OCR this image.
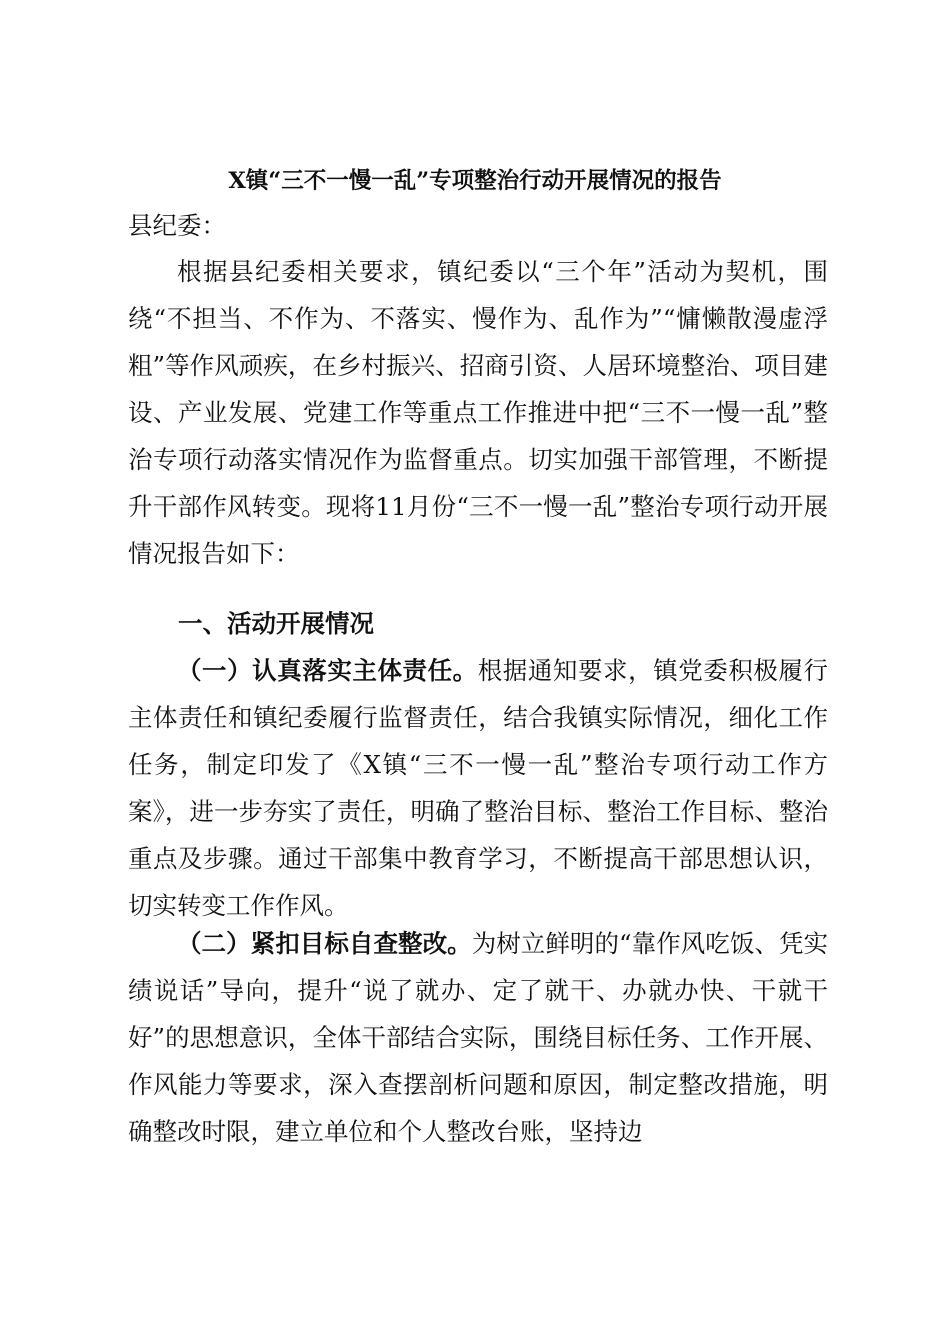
X镇“三不一慢一乱”专项整治行动开展情况的报告
县纪委：

根据县纪委相关要求，镇纪委以“三个年”活动为契机，围绕“不担当、不作为、不落实、慢作为、乱作为”“慵懒散漫虚浮粗”等作风顽疾，在乡村振兴、招商引资、人居环境整治、项目建设、产业发展、党建工作等重点工作推进中把“三不一慢一乱”整治专项行动落实情况作为监督重点。切实加强干部管理，不断提升干部作风转变。现将11月份“三不一慢一乱”整治专项行动开展情况报告如下：

一、活动开展情况

（一）认真落实主体责任。根据通知要求，镇党委积极履行主体责任和镇纪委履行监督责任，结合我镇实际情况，细化工作任务，制定印发了《X镇“三不一慢一乱”整治专项行动工作方案》，进一步夯实了责任，明确了整治目标、整治工作目标、整治重点及步骤。通过干部集中教育学习，不断提高干部思想认识，切实转变工作作风。

（二）紧扣目标自查整改。为树立鲜明的“靠作风吃饭、凭实绩说话”导向，提升“说了就办、定了就干、办就办快、干就干好”的思想意识，全体干部结合实际，围绕目标任务、工作开展、作风能力等要求，深入查摆剖析问题和原因，制定整改措施，明确整改时限，建立单位和个人整改台账，坚持边
